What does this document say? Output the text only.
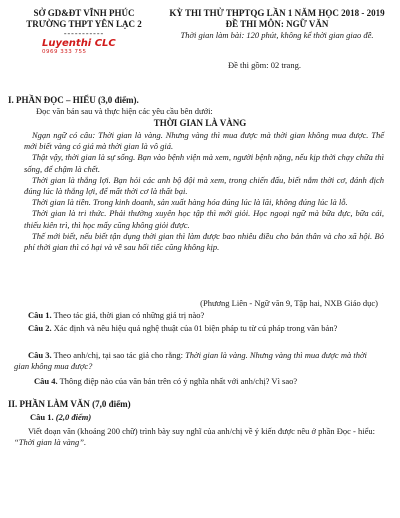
SỞ GD&ĐT VĨNH PHÚC
TRƯỜNG THPT YÊN LẠC 2
-----------
Luyenthi CLC
0969 333 755
KỲ THI THỬ THPTQG LẦN 1 NĂM HỌC 2018 - 2019
ĐỀ THI MÔN: NGỮ VĂN
Thời gian làm bài: 120 phút, không kể thời gian giao đề.
Đề thi gồm: 02 trang.
I. PHẦN ĐỌC – HIỂU (3,0 điểm).
Đọc văn bản sau và thực hiện các yêu cầu bên dưới:
THỜI GIAN LÀ VÀNG
Ngạn ngữ có câu: Thời gian là vàng. Nhưng vàng thì mua được mà thời gian không mua được. Thế mới biết vàng có giá mà thời gian là vô giá.
Thật vậy, thời gian là sự sống. Bạn vào bệnh viện mà xem, người bệnh nặng, nếu kịp thời chạy chữa thì sống, để chậm là chết.
Thời gian là thắng lợi. Bạn hỏi các anh bộ đội mà xem, trong chiến đấu, biết nắm thời cơ, đánh địch đúng lúc là thắng lợi, để mất thời cơ là thất bại.
Thời gian là tiền. Trong kinh doanh, sản xuất hàng hóa đúng lúc là lãi, không đúng lúc là lỗ.
Thời gian là tri thức. Phải thường xuyên học tập thì mới giỏi. Học ngoại ngữ mà bữa đực, bữa cái, thiếu kiên trì, thì học mấy cũng không giỏi được.
Thế mới biết, nếu biết tận dụng thời gian thì làm được bao nhiêu điều cho bản thân và cho xã hội. Bỏ phí thời gian thì có hại và về sau hối tiếc cũng không kịp.
(Phương Liên - Ngữ văn 9, Tập hai, NXB Giáo dục)
Câu 1. Theo tác giả, thời gian có những giá trị nào?
Câu 2. Xác định và nêu hiệu quả nghệ thuật của 01 biện pháp tu từ cú pháp trong văn bản?
Câu 3. Theo anh/chị, tại sao tác giả cho rằng: Thời gian là vàng. Nhưng vàng thì mua được mà thời gian không mua được?
Câu 4. Thông điệp nào của văn bản trên có ý nghĩa nhất với anh/chị? Vì sao?
II. PHẦN LÀM VĂN (7,0 điểm)
Câu 1. (2,0 điểm)
Viết đoạn văn (khoảng 200 chữ) trình bày suy nghĩ của anh/chị về ý kiến được nêu ở phần Đọc - hiểu: “Thời gian là vàng”.
